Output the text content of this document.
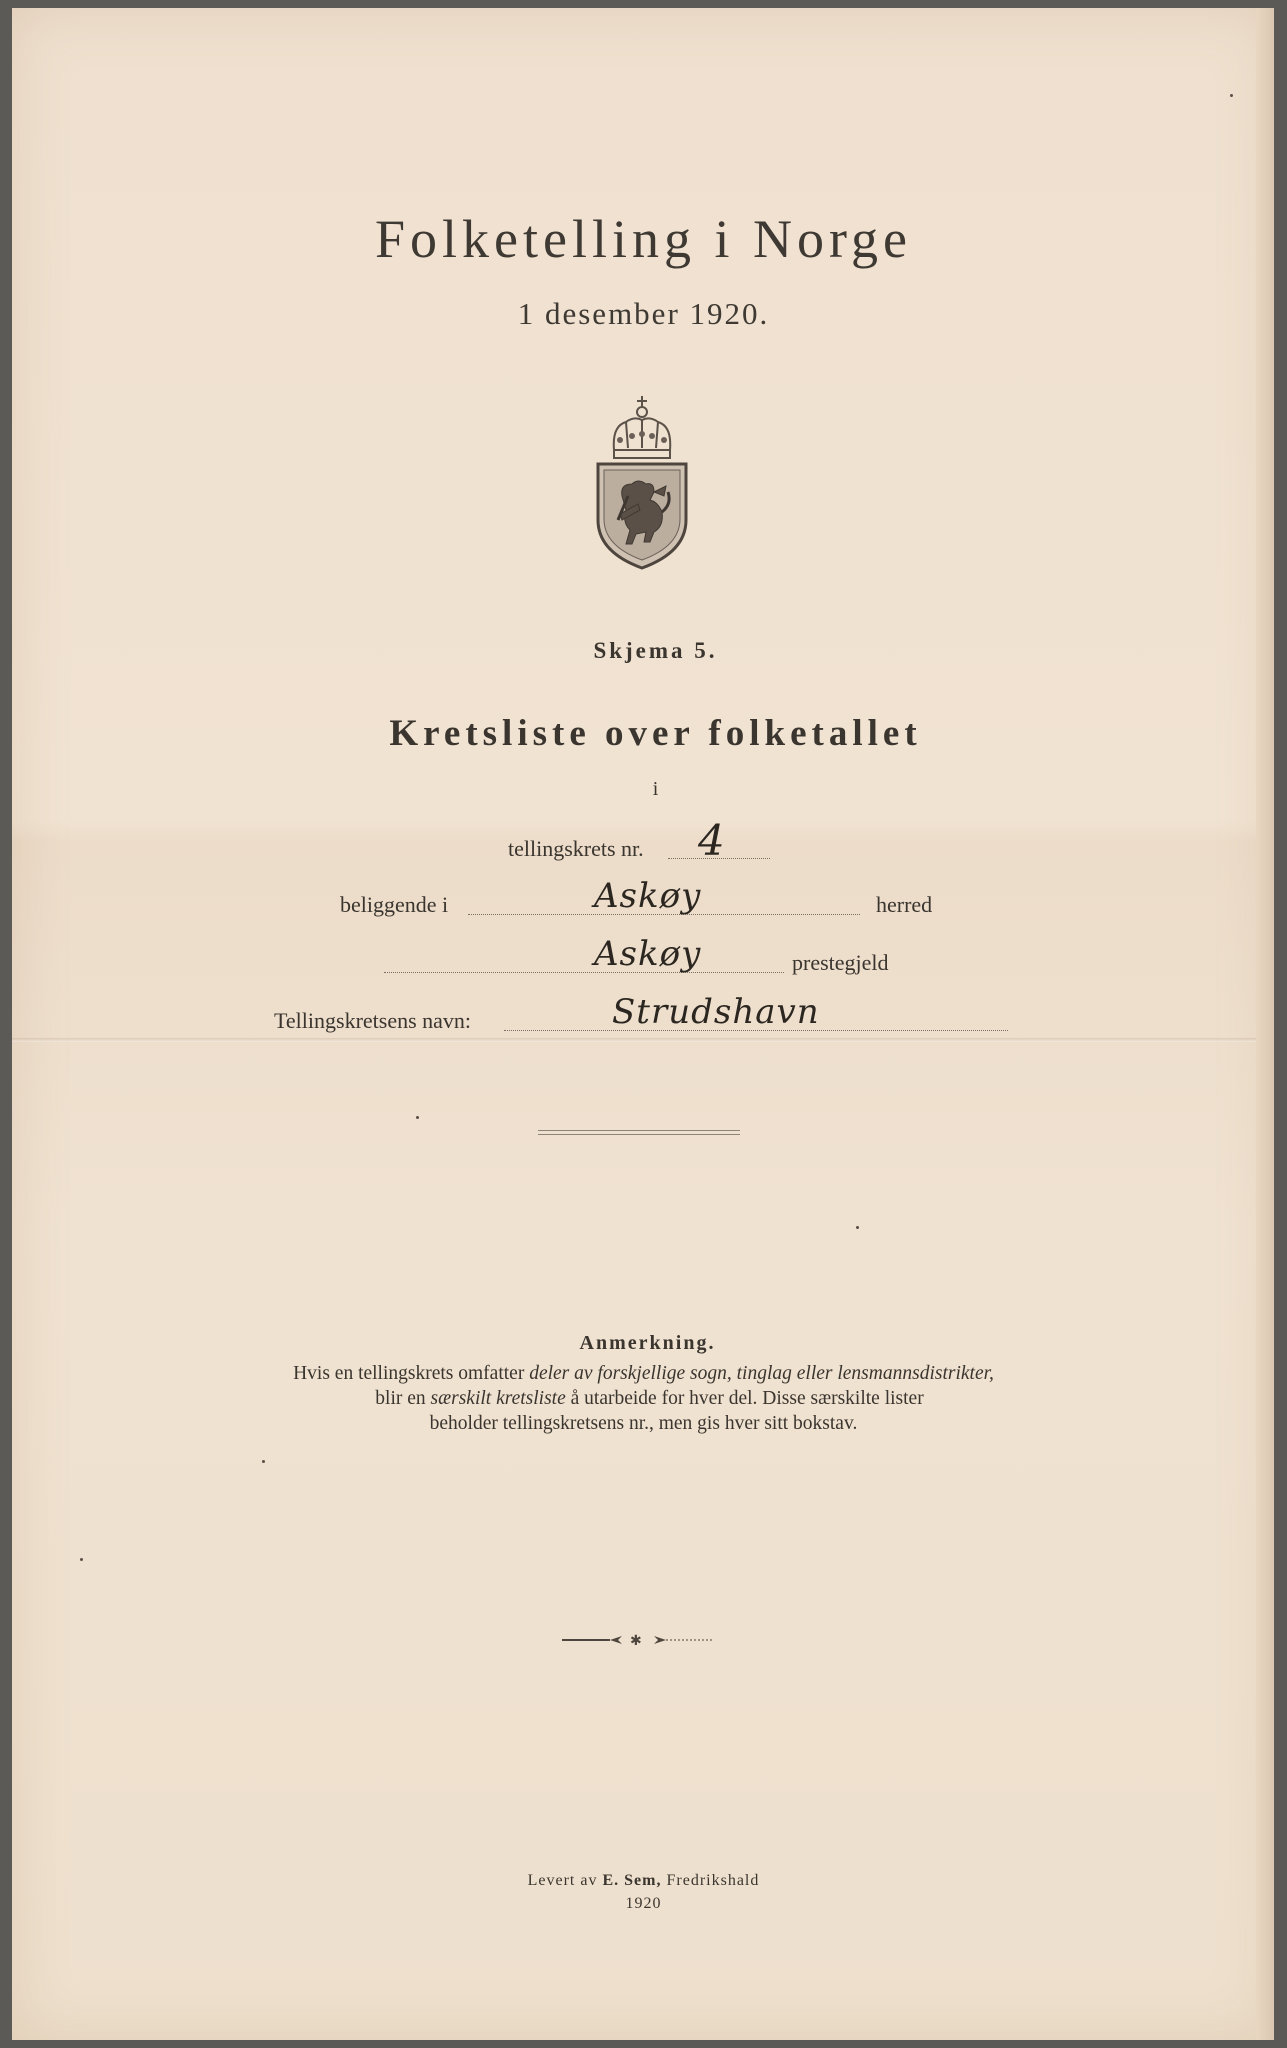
Folketelling i Norge
1 desember 1920.
Skjema 5.
Kretsliste over folketallet
i
tellingskrets nr. 4
beliggende i	Askøy	herred
Askøy	prestegjeld
Tellingskretsens navn:	Strudshavn
Anmerkning.
Hvis en tellingskrets omfatter deler av forskjellige sogn, tinglag eller lensmannsdistrikter,
blir en særskilt kretsliste å utarbeide for hver del. Disse særskilte lister
beholder tellingskretsens nr., men gis hver sitt bokstav.
✱
Levert av E. Sem, Fredrikshald
1920
